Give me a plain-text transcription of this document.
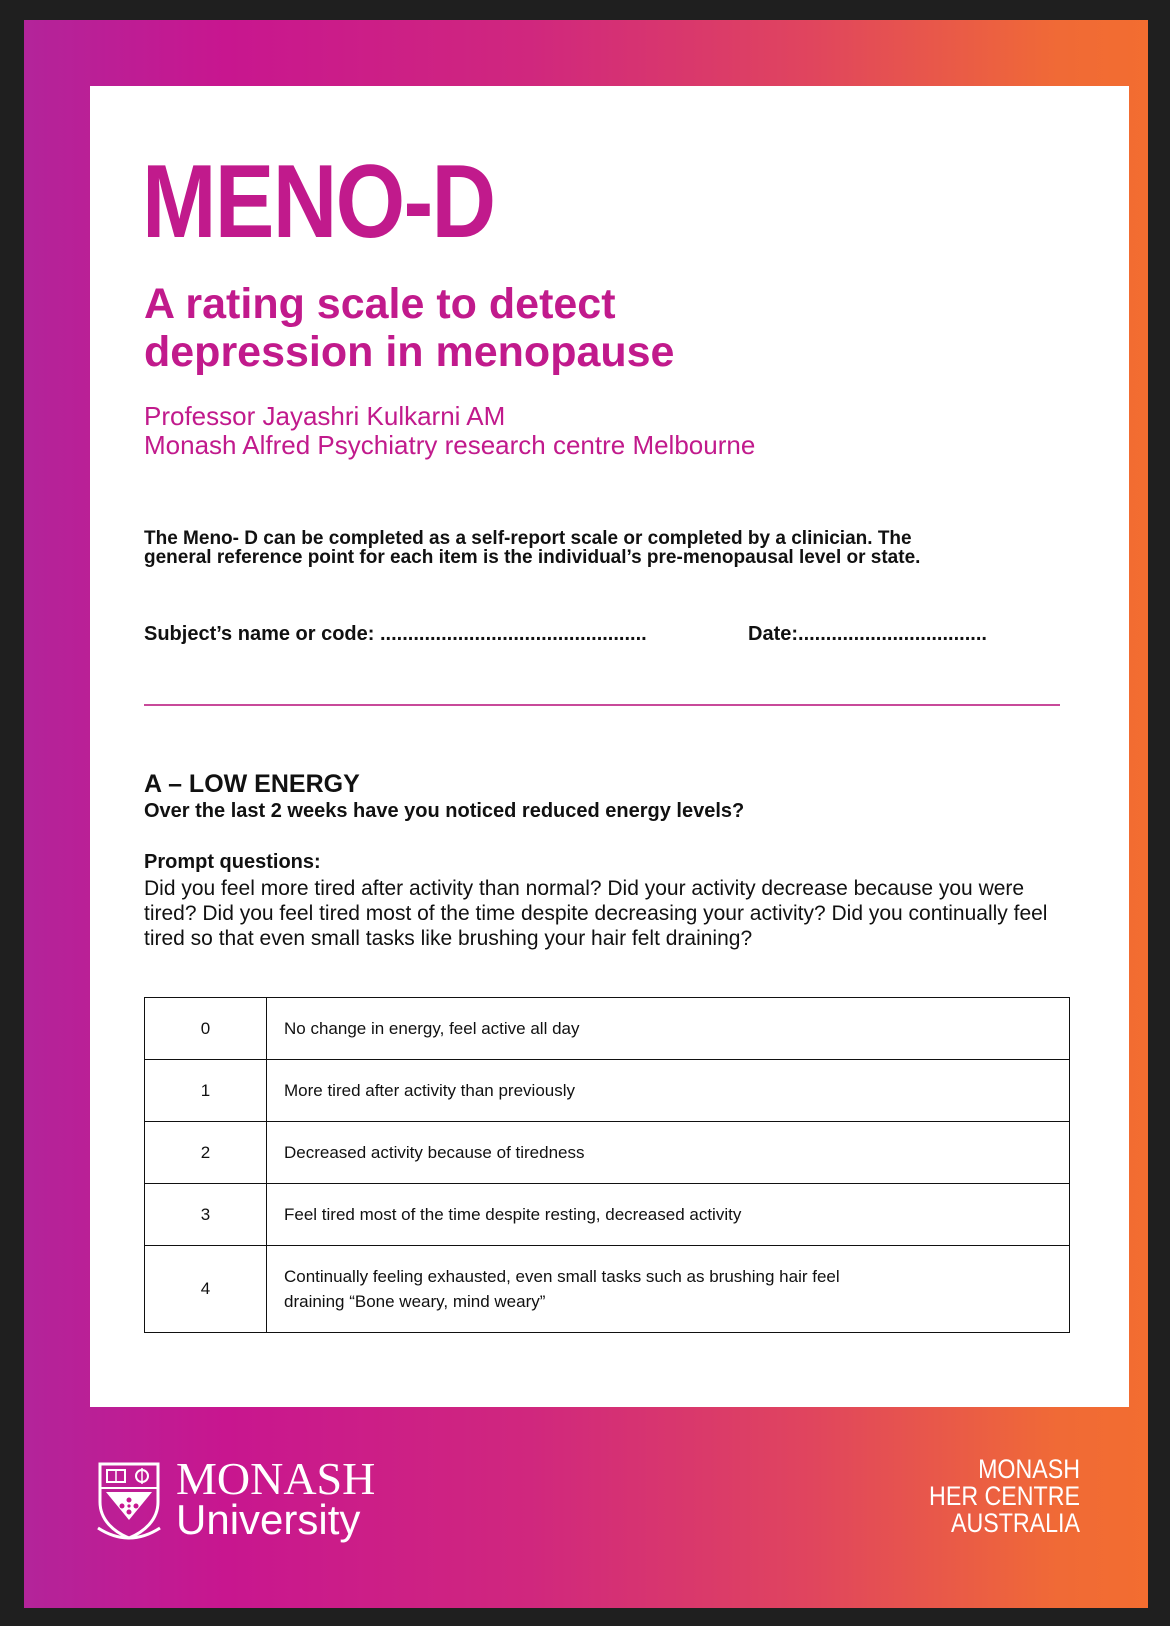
MENO-D
A rating scale to detect
depression in menopause
Professor Jayashri Kulkarni AM
Monash Alfred Psychiatry research centre Melbourne
The Meno- D can be completed as a self-report scale or completed by a clinician. The
general reference point for each item is the individual’s pre-menopausal level or state.
Subject’s name or code: ................................................	Date:..................................
A – LOW ENERGY
Over the last 2 weeks have you noticed reduced energy levels?
Prompt questions:
Did you feel more tired after activity than normal? Did your activity decrease because you were tired? Did you feel tired most of the time despite decreasing your activity? Did you continually feel tired so that even small tasks like brushing your hair felt draining?
0	No change in energy, feel active all day
1	More tired after activity than previously
2	Decreased activity because of tiredness
3	Feel tired most of the time despite resting, decreased activity
4	Continually feeling exhausted, even small tasks such as brushing hair feel
draining “Bone weary, mind weary”
MONASH
University
MONASH
HER CENTRE
AUSTRALIA
